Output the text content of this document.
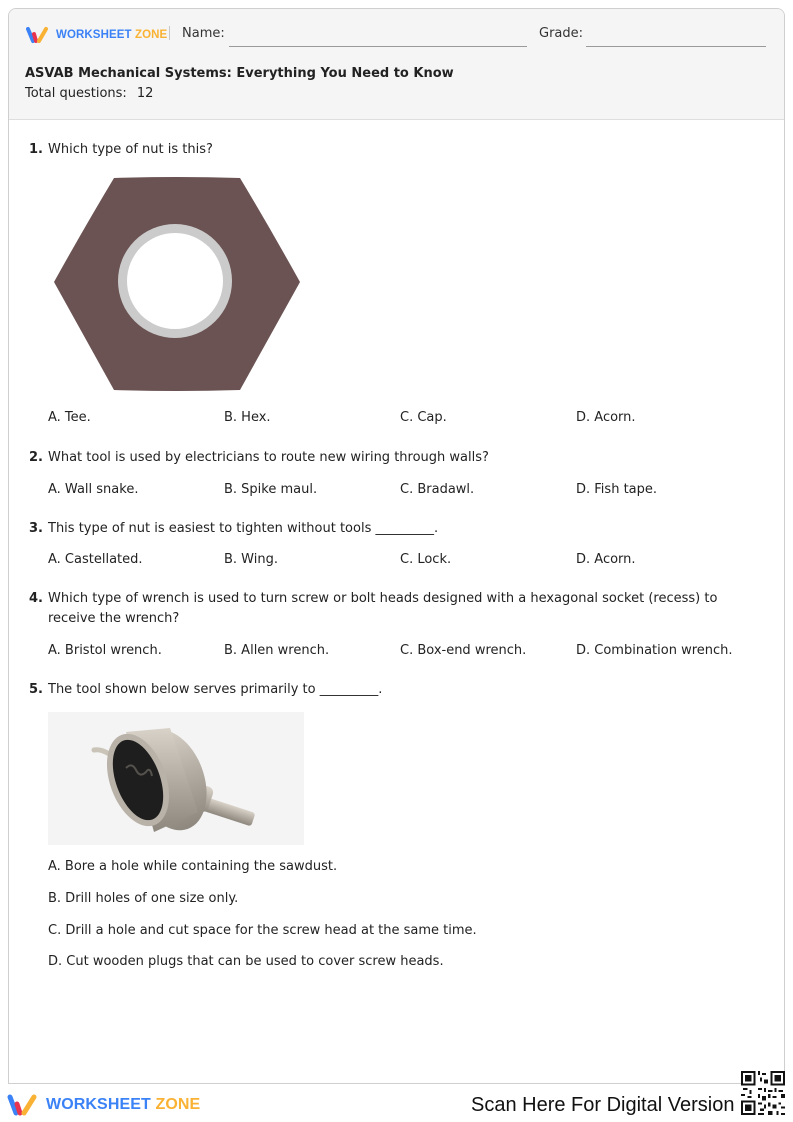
WORKSHEET ZONE Name:	Grade:
ASVAB Mechanical Systems: Everything You Need to Know
Total questions: 12
1. Which type of nut is this?
A. Tee.	B. Hex.	C. Cap.	D. Acorn.
2. What tool is used by electricians to route new wiring through walls?
A. Wall snake.	B. Spike maul.	C. Bradawl.	D. Fish tape.
3. This type of nut is easiest to tighten without tools _________.
A. Castellated.	B. Wing.	C. Lock.	D. Acorn.
4. Which type of wrench is used to turn screw or bolt heads designed with a hexagonal socket (recess) to
receive the wrench?
A. Bristol wrench.	B. Allen wrench.	C. Box-end wrench.	D. Combination wrench.
5. The tool shown below serves primarily to _________.
A. Bore a hole while containing the sawdust.
B. Drill holes of one size only.
C. Drill a hole and cut space for the screw head at the same time.
D. Cut wooden plugs that can be used to cover screw heads.
WORKSHEET ZONE	Scan Here For Digital Version
